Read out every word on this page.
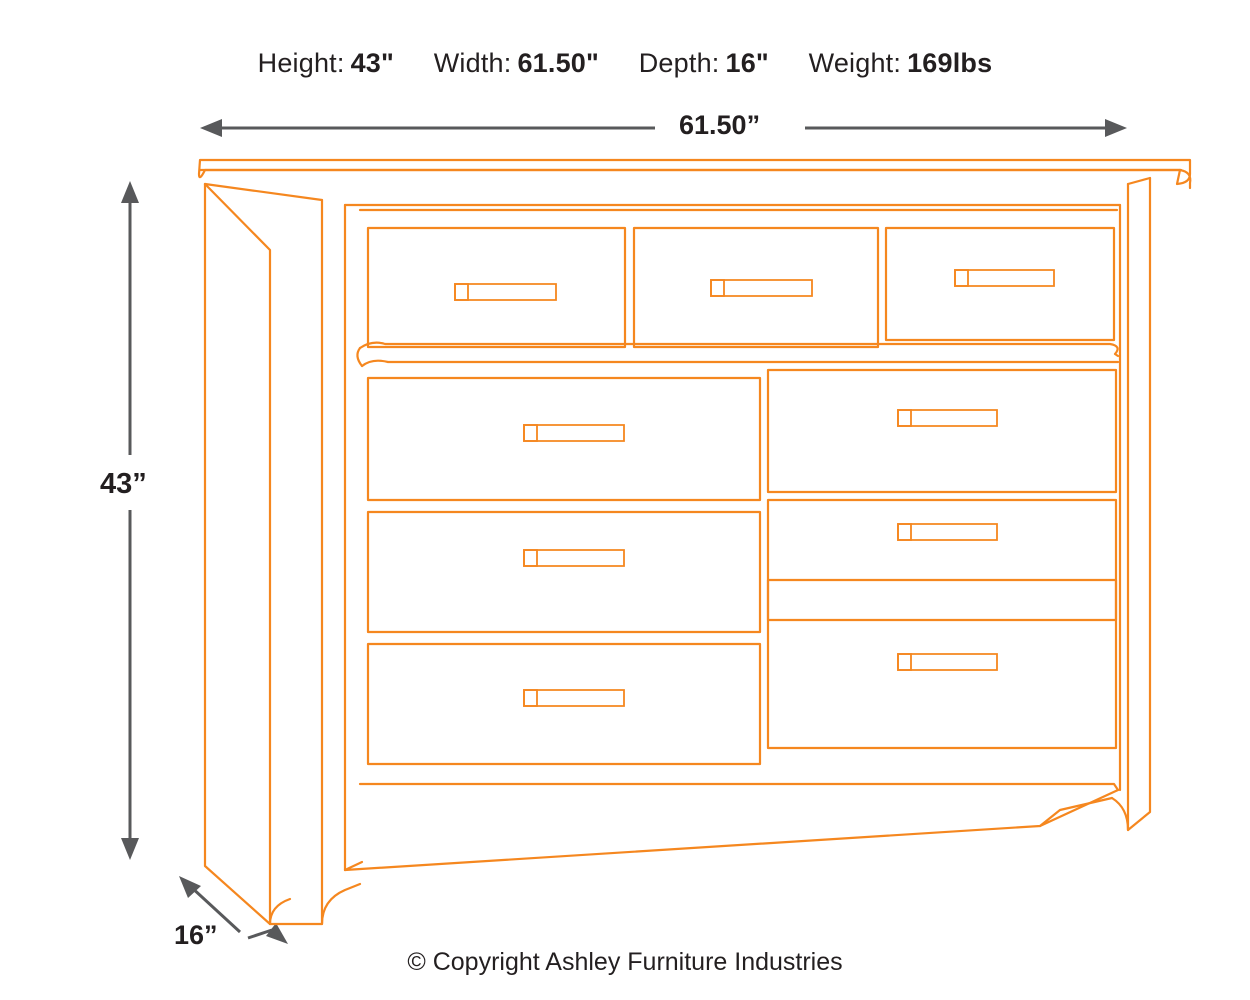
Height: 43" Width: 61.50" Depth: 16" Weight: 169lbs
61.50”
43”
16”
© Copyright Ashley Furniture Industries
